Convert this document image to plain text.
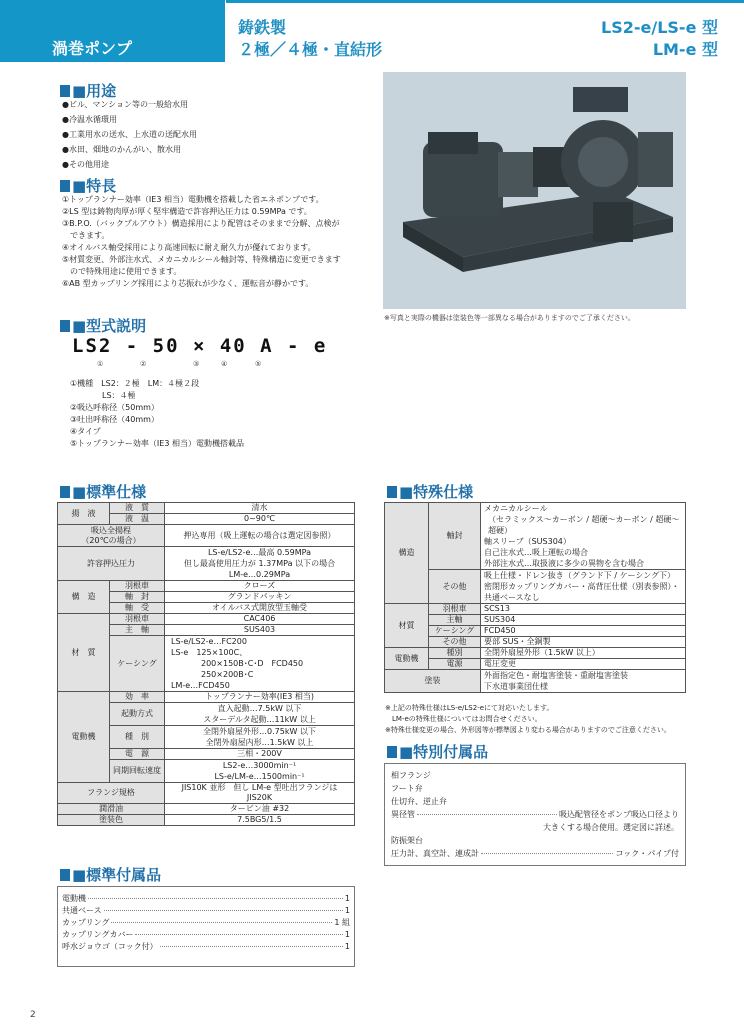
渦巻ポンプ
鋳鉄製
２極／４極・直結形
LS2-e/LS-e 型
LM-e 型
■用途
●ビル、マンション等の一般給水用
●冷温水循環用
●工業用水の送水、上水道の送配水用
●水田、畑地のかんがい、散水用
●その他用途
■特長
①トップランナー効率（IE3 相当）電動機を搭載した省エネポンプです。
②LS 型は鋳物肉厚が厚く堅牢構造で許容押込圧力は 0.59MPa です。
③B.P.O.（バックプルアウト）構造採用により配管はそのままで分解、点検が
　できます。
④オイルバス軸受採用により高速回転に耐え耐久力が優れております。
⑤材質変更、外部注水式、メカニカルシール軸封等、特殊構造に変更できます
　ので特殊用途に使用できます。
⑥AB 型カップリング採用により芯振れが少なく、運転音が静かです。
※写真と実際の機器は塗装色等一部異なる場合がありますのでご了承ください。
■型式説明
LS2 - 50 × 40 A - e
①	②	③	④	⑤
①機種　LS2：２極　LM：４極２段
　　　　LS：４極
②吸込呼称径（50mm）
③吐出呼称径（40mm）
④タイプ
⑤トップランナー効率（IE3 相当）電動機搭載品
■標準仕様
揚　液	液　質	清水
	液　温	0~90℃
吸込全揚程
（20℃の場合）		押込専用（吸上運転の場合は選定図参照）
許容押込圧力		LS-e/LS2-e…最高 0.59MPa
但し最高使用圧力が 1.37MPa 以下の場合
LM-e…0.29MPa

構　造	羽根車	クローズ
	軸　封	グランドパッキン
	軸　受	オイルバス式開放型玉軸受
材　質	羽根車	CAC406
	主　軸	SUS403
	ケーシング	LS-e/LS2-e…FC200
LS-e　125×100C、
200×150B･C･D　 FCD450
250×200B･C
LM-e…FCD450

電動機	効　率	トップランナー効率(IE3 相当)
	起動方式	直入起動…7.5kW 以下
スターデルタ起動…11kW 以上

	種　別	全閉外扇屋外形…0.75kW 以下
全閉外扇屋内形…1.5kW 以上

	電　源	三相・200V
	同期回転速度	LS2-e…3000min⁻¹
LS-e/LM-e…1500min⁻¹

フランジ規格		JIS10K 並形　但し LM-e 型吐出フランジは JIS20K
潤滑油		タービン油 #32
塗装色		7.5BG5/1.5
■標準付属品
電動機	1
共通ベース	1
カップリング	1 組
カップリングカバー	1
呼水ジョウゴ（コック付）	1
■特殊仕様
構造	軸封	メカニカルシール
（セラミックス～カーボン / 超硬～カーボン / 超硬～超硬）
軸スリーブ（SUS304）
自己注水式…吸上運転の場合
外部注水式…取扱液に多少の異物を含む場合

	その他	吸上仕様・ドレン抜き（グランド下 / ケーシング下）
密閉形カップリングカバー・高背圧仕様（別表参照）・
共通ベースなし

材質	羽根車	SCS13
	主軸	SUS304
	ケーシング	FCD450
	その他	要部 SUS・全銅製
電動機	種別	全閉外扇屋外形（1.5kW 以上）
	電源	電圧変更
塗装		外面指定色・耐塩害塗装・重耐塩害塗装
下水道事業団仕様
※上記の特殊仕様はLS-e/LS2-eにて対応いたします。
　LM-eの特殊仕様についてはお問合せください。
※特殊仕様変更の場合、外形図等が標準図より変わる場合がありますのでご注意ください。
■特別付属品
相フランジ
フート弁
仕切弁、逆止弁
異径管	吸込配管径をポンプ吸込口径より
大きくする場合使用。選定図に詳述。
防振架台
圧力計、真空計、連成計	コック・パイプ付
2
